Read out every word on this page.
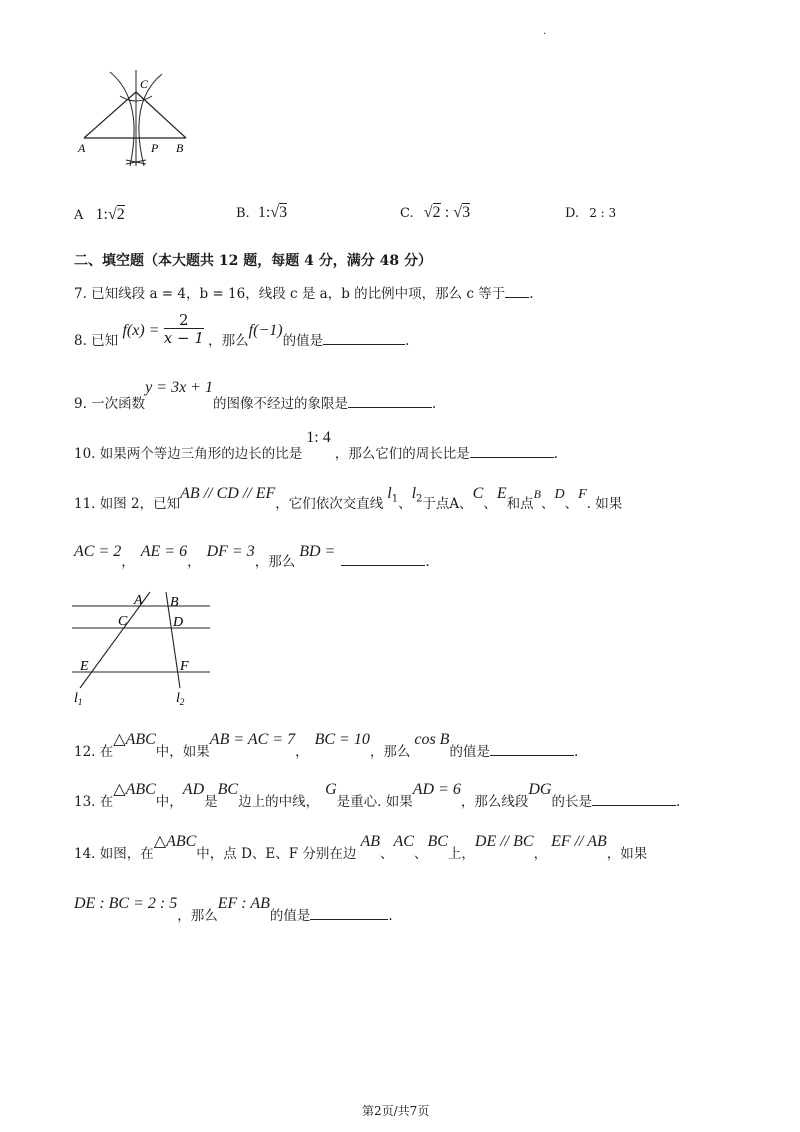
.
A	B
C
P
A 1:√2	B. 1:√3	C. √2 : √3	D. 2 : 3
二、填空题（本大题共 12 题，每题 4 分，满分 48 分）
7. 已知线段 a = 4，b = 16，线段 c 是 a，b 的比例中项，那么 c 等于 .
8. 已知 $f(x) = \frac{2}{x - 1}$ ，那么f(−1)的值是	.
9. 一次函数y = 3x + 1的图像不经过的象限是	.
10. 如果两个等边三角形的边长的比是1: 4，那么它们的周长比是	.
11. 如图 2，已知AB // CD // EF，它们依次交直线$l_1$、$l_2$于点A、C、E和点B、D、F. 如果
AC = 2，AE = 6，DF = 3，那么BD =.
A B
C	D
E	F
$l_1$	$l_2$
12. 在△ABC中，如果AB = AC = 7，BC = 10，那么cos B的值是	.
13. 在△ABC中，AD是BC边上的中线，G是重心. 如果AD = 6，那么线段DG的长是	.
14. 如图，在△ABC中，点 D、E、F 分别在边AB、AC、BC上，DE // BC，EF // AB，如果
DE : BC = 2 : 5，那么EF : AB的值是	.
第2页/共7页
